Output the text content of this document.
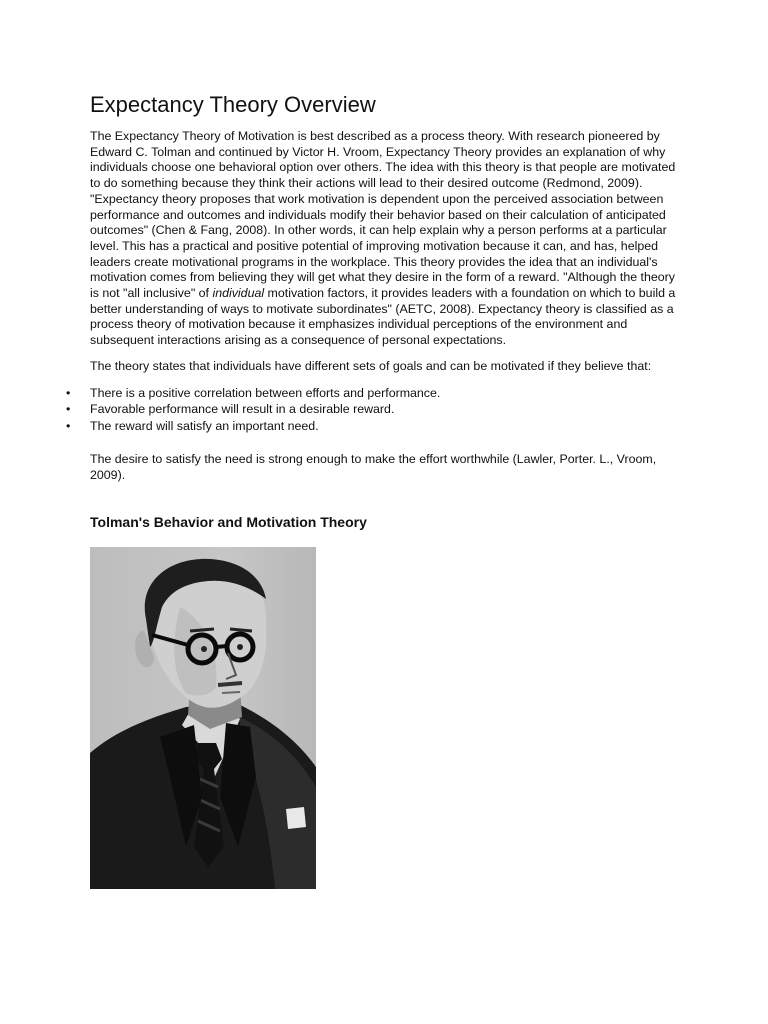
Expectancy Theory Overview

The Expectancy Theory of Motivation is best described as a process theory. With research pioneered by Edward C. Tolman and continued by Victor H. Vroom, Expectancy Theory provides an explanation of why individuals choose one behavioral option over others. The idea with this theory is that people are motivated to do something because they think their actions will lead to their desired outcome (Redmond, 2009). "Expectancy theory proposes that work motivation is dependent upon the perceived association between performance and outcomes and individuals modify their behavior based on their calculation of anticipated outcomes" (Chen & Fang, 2008). In other words, it can help explain why a person performs at a particular level. This has a practical and positive potential of improving motivation because it can, and has, helped leaders create motivational programs in the workplace. This theory provides the idea that an individual's motivation comes from believing they will get what they desire in the form of a reward. "Although the theory is not "all inclusive" of individual motivation factors, it provides leaders with a foundation on which to build a better understanding of ways to motivate subordinates" (AETC, 2008). Expectancy theory is classified as a process theory of motivation because it emphasizes individual perceptions of the environment and subsequent interactions arising as a consequence of personal expectations.

The theory states that individuals have different sets of goals and can be motivated if they believe that:

• There is a positive correlation between efforts and performance.
• Favorable performance will result in a desirable reward.
• The reward will satisfy an important need.

The desire to satisfy the need is strong enough to make the effort worthwhile (Lawler, Porter. L., Vroom, 2009).

Tolman's Behavior and Motivation Theory
